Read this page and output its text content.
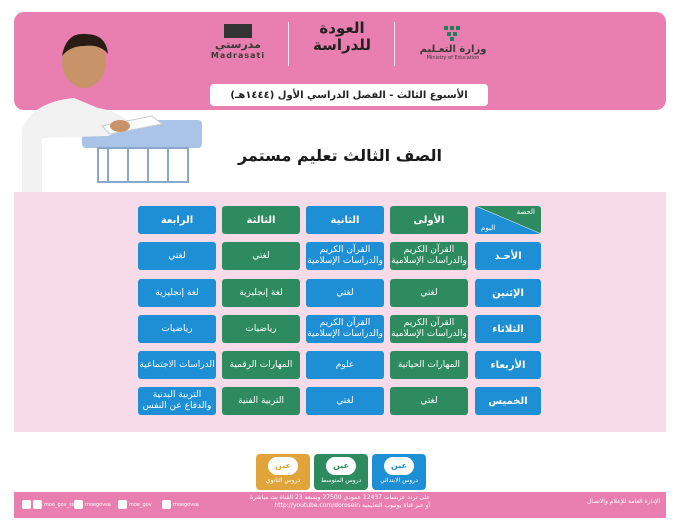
وزارة التعـليم
Ministry of Education
العودة
للدراسة
مدرستي
Madrasati
الأسبوع الثالث - الفصل الدراسي الأول (١٤٤٤هـ)
الصف الثالث تعليم مستمر
الحصة
اليوم
الأولى
الثانية
الثالثة
الرابعة
الأحـد
القرآن الكريم والدراسات الإسلامية
القرآن الكريم والدراسات الإسلامية
لغتي
لغتي
الإثنين
لغتي
لغتي
لغة إنجليزية
لغة إنجليزية
الثلاثاء
القرآن الكريم والدراسات الإسلامية
القرآن الكريم والدراسات الإسلامية
رياضيات
رياضيات
الأربعاء
المهارات الحياتية
علوم
المهارات الرقمية
الدراسات الاجتماعية
الخميس
لغتي
لغتي
التربية الفنية
التربية البدنية والدفاع عن النفس
عين
دروس الابتدائي
عين
دروس المتوسط
عين
دروس الثانوي
على تردد عربسات 12437 عمودي 27500 وبسعة 23 القناة بث مباشرة
أو عبر قناة يوتيوب التعليمية http://youtube.com/dorosein
الإدارة العامة للإعلام والاتصال
moegovsa
moe_gov
moegovsa
moe_gov_sa
